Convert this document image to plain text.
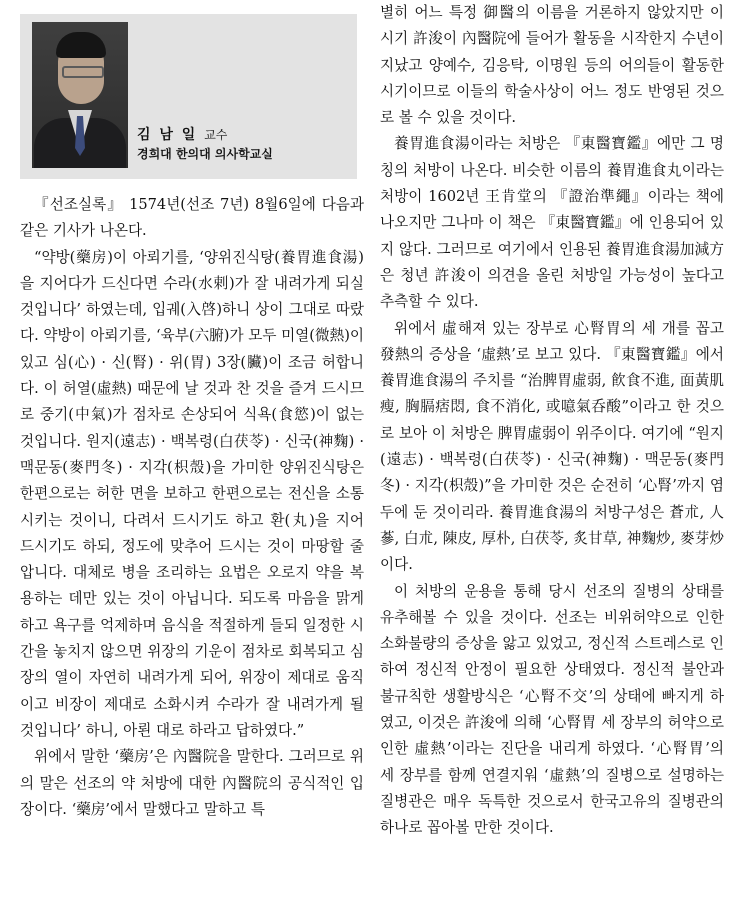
김 남 일 교수
경희대 한의대 의사학교실

『선조실록』 1574년(선조 7년) 8월6일에 다음과 같은 기사가 나온다.

“약방(藥房)이 아뢰기를, ‘양위진식탕(養胃進食湯)을 지어다가 드신다면 수라(水剌)가 잘 내려가게 되실 것입니다’ 하였는데, 입궤(入啓)하니 상이 그대로 따랐다. 약방이 아뢰기를, ‘육부(六腑)가 모두 미열(微熱)이 있고 심(心) · 신(腎) · 위(胃) 3장(臟)이 조금 허합니다. 이 허열(虛熱) 때문에 날 것과 찬 것을 즐겨 드시므로 중기(中氣)가 점차로 손상되어 식욕(食慾)이 없는 것입니다. 원지(遠志) · 백복령(白茯苓) · 신국(神麴) · 맥문동(麥門冬) · 지각(枳殼)을 가미한 양위진식탕은 한편으로는 허한 면을 보하고 한편으로는 전신을 소통시키는 것이니, 다려서 드시기도 하고 환(丸)을 지어 드시기도 하되, 정도에 맞추어 드시는 것이 마땅할 줄 압니다. 대체로 병을 조리하는 요법은 오로지 약을 복용하는 데만 있는 것이 아닙니다. 되도록 마음을 맑게 하고 욕구를 억제하며 음식을 적절하게 들되 일정한 시간을 놓치지 않으면 위장의 기운이 점차로 회복되고 심장의 열이 자연히 내려가게 되어, 위장이 제대로 움직이고 비장이 제대로 소화시켜 수라가 잘 내려가게 될 것입니다’ 하니, 아뢴 대로 하라고 답하였다.”

위에서 말한 ‘藥房’은 內醫院을 말한다. 그러므로 위의 말은 선조의 약 처방에 대한 內醫院의 공식적인 입장이다. ‘藥房’에서 말했다고 말하고 특

별히 어느 특정 御醫의 이름을 거론하지 않았지만 이 시기 許浚이 內醫院에 들어가 활동을 시작한지 수년이 지났고 양예수, 김응탁, 이명원 등의 어의들이 활동한 시기이므로 이들의 학술사상이 어느 정도 반영된 것으로 볼 수 있을 것이다.

養胃進食湯이라는 처방은 『東醫寶鑑』에만 그 명칭의 처방이 나온다. 비슷한 이름의 養胃進食丸이라는 처방이 1602년 王肯堂의 『證治準繩』이라는 책에 나오지만 그나마 이 책은 『東醫寶鑑』에 인용되어 있지 않다. 그러므로 여기에서 인용된 養胃進食湯加減方은 청년 許浚이 의견을 올린 처방일 가능성이 높다고 추측할 수 있다.

위에서 虛해져 있는 장부로 心腎胃의 세 개를 꼽고 發熱의 증상을 ‘虛熱’로 보고 있다. 『東醫寶鑑』에서 養胃進食湯의 주치를 “治脾胃虛弱, 飮食不進, 面黃肌瘦, 胸膈痞悶, 食不消化, 或噫氣呑酸”이라고 한 것으로 보아 이 처방은 脾胃虛弱이 위주이다. 여기에 “원지(遠志) · 백복령(白茯苓) · 신국(神麴) · 맥문동(麥門冬) · 지각(枳殼)”을 가미한 것은 순전히 ‘心腎’까지 염두에 둔 것이리라. 養胃進食湯의 처방구성은 蒼朮, 人蔘, 白朮, 陳皮, 厚朴, 白茯苓, 炙甘草, 神麴炒, 麥芽炒이다.

이 처방의 운용을 통해 당시 선조의 질병의 상태를 유추해볼 수 있을 것이다. 선조는 비위허약으로 인한 소화불량의 증상을 앓고 있었고, 정신적 스트레스로 인하여 정신적 안정이 필요한 상태였다. 정신적 불안과 불규칙한 생활방식은 ‘心腎不交’의 상태에 빠지게 하였고, 이것은 許浚에 의해 ‘心腎胃 세 장부의 허약으로 인한 虛熱’이라는 진단을 내리게 하였다. ‘心腎胃’의 세 장부를 함께 연결지워 ‘虛熱’의 질병으로 설명하는 질병관은 매우 독특한 것으로서 한국고유의 질병관의 하나로 꼽아볼 만한 것이다.
